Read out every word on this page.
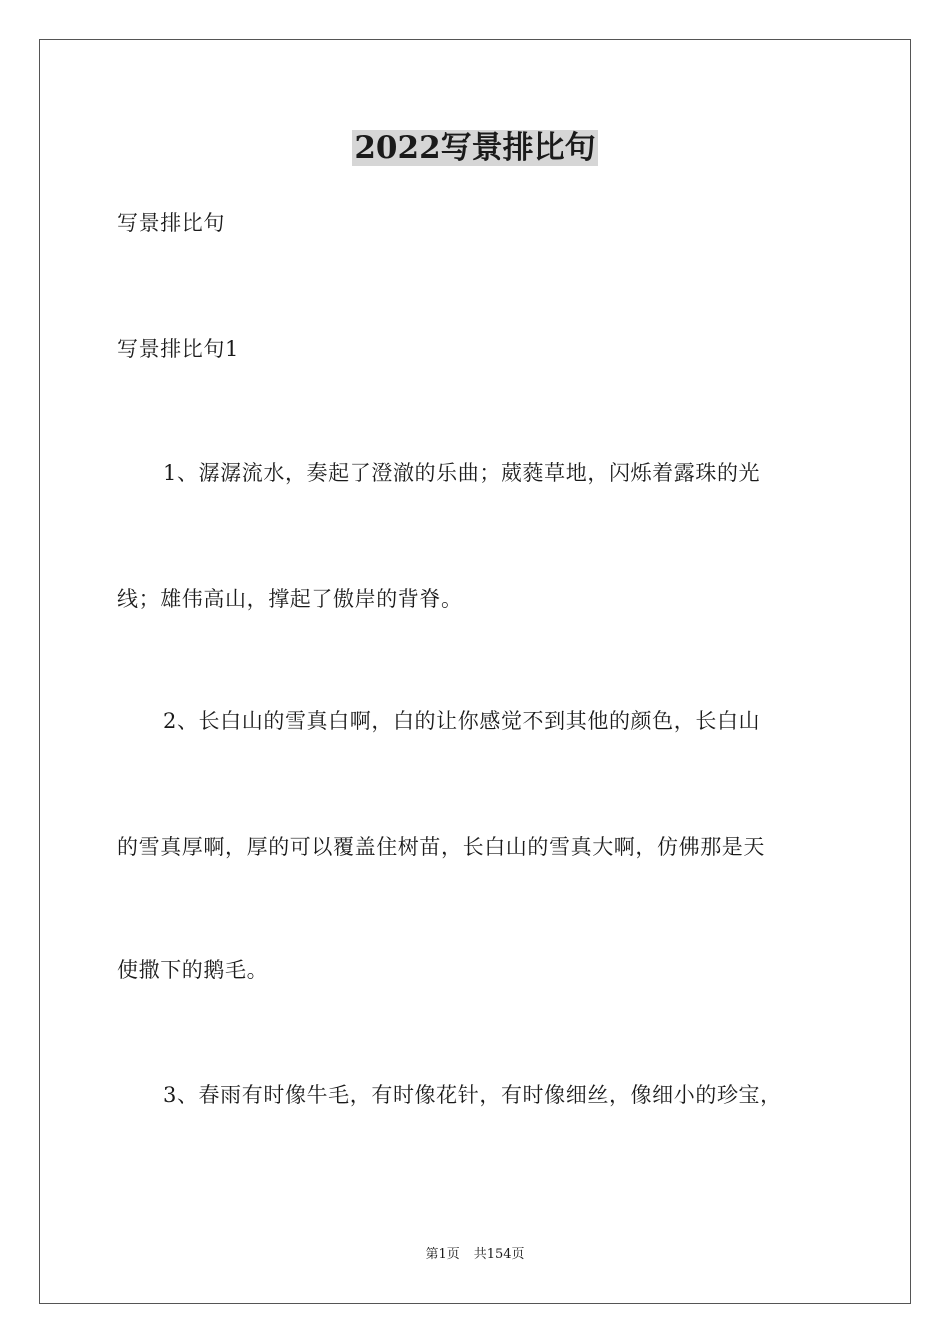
2022写景排比句
写景排比句
写景排比句1
1、潺潺流水，奏起了澄澈的乐曲；葳蕤草地，闪烁着露珠的光
线；雄伟高山，撑起了傲岸的背脊。
2、长白山的雪真白啊，白的让你感觉不到其他的颜色，长白山
的雪真厚啊，厚的可以覆盖住树苗，长白山的雪真大啊，仿佛那是天
使撒下的鹅毛。
3、春雨有时像牛毛，有时像花针，有时像细丝，像细小的珍宝，
第1页 共154页
